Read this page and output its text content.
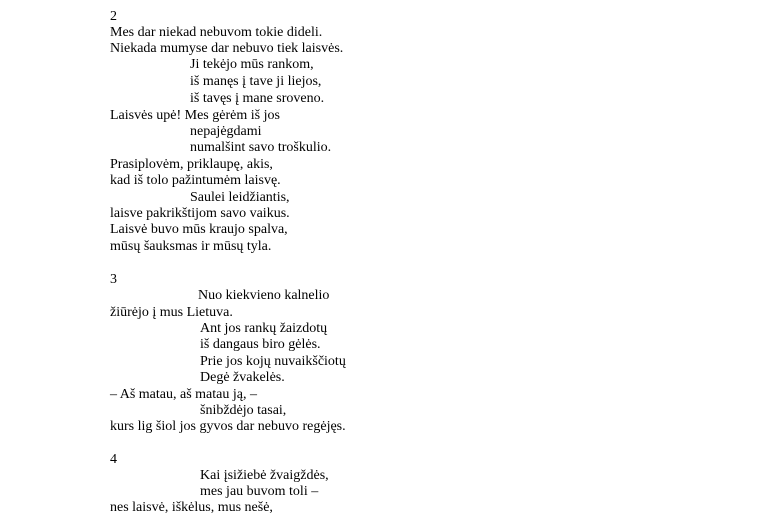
2
Mes dar niekad nebuvom tokie dideli.
Niekada mumyse dar nebuvo tiek laisvės.
Ji tekėjo mūs rankom,
iš manęs į tave ji liejos,
iš tavęs į mane sroveno.
Laisvės upė! Mes gėrėm iš jos
nepajėgdami
numalšint savo troškulio.
Prasiplovėm, priklaupę, akis,
kad iš tolo pažintumėm laisvę.
Saulei leidžiantis,
laisve pakrikštijom savo vaikus.
Laisvė buvo mūs kraujo spalva,
mūsų šauksmas ir mūsų tyla.
3
Nuo kiekvieno kalnelio
žiūrėjo į mus Lietuva.
Ant jos rankų žaizdotų
iš dangaus biro gėlės.
Prie jos kojų nuvaikščiotų
Degė žvakelės.
– Aš matau, aš matau ją, –
šnibždėjo tasai,
kurs lig šiol jos gyvos dar nebuvo regėjęs.
4
Kai įsižiebė žvaigždės,
mes jau buvom toli –
nes laisvė, iškėlus, mus nešė,
